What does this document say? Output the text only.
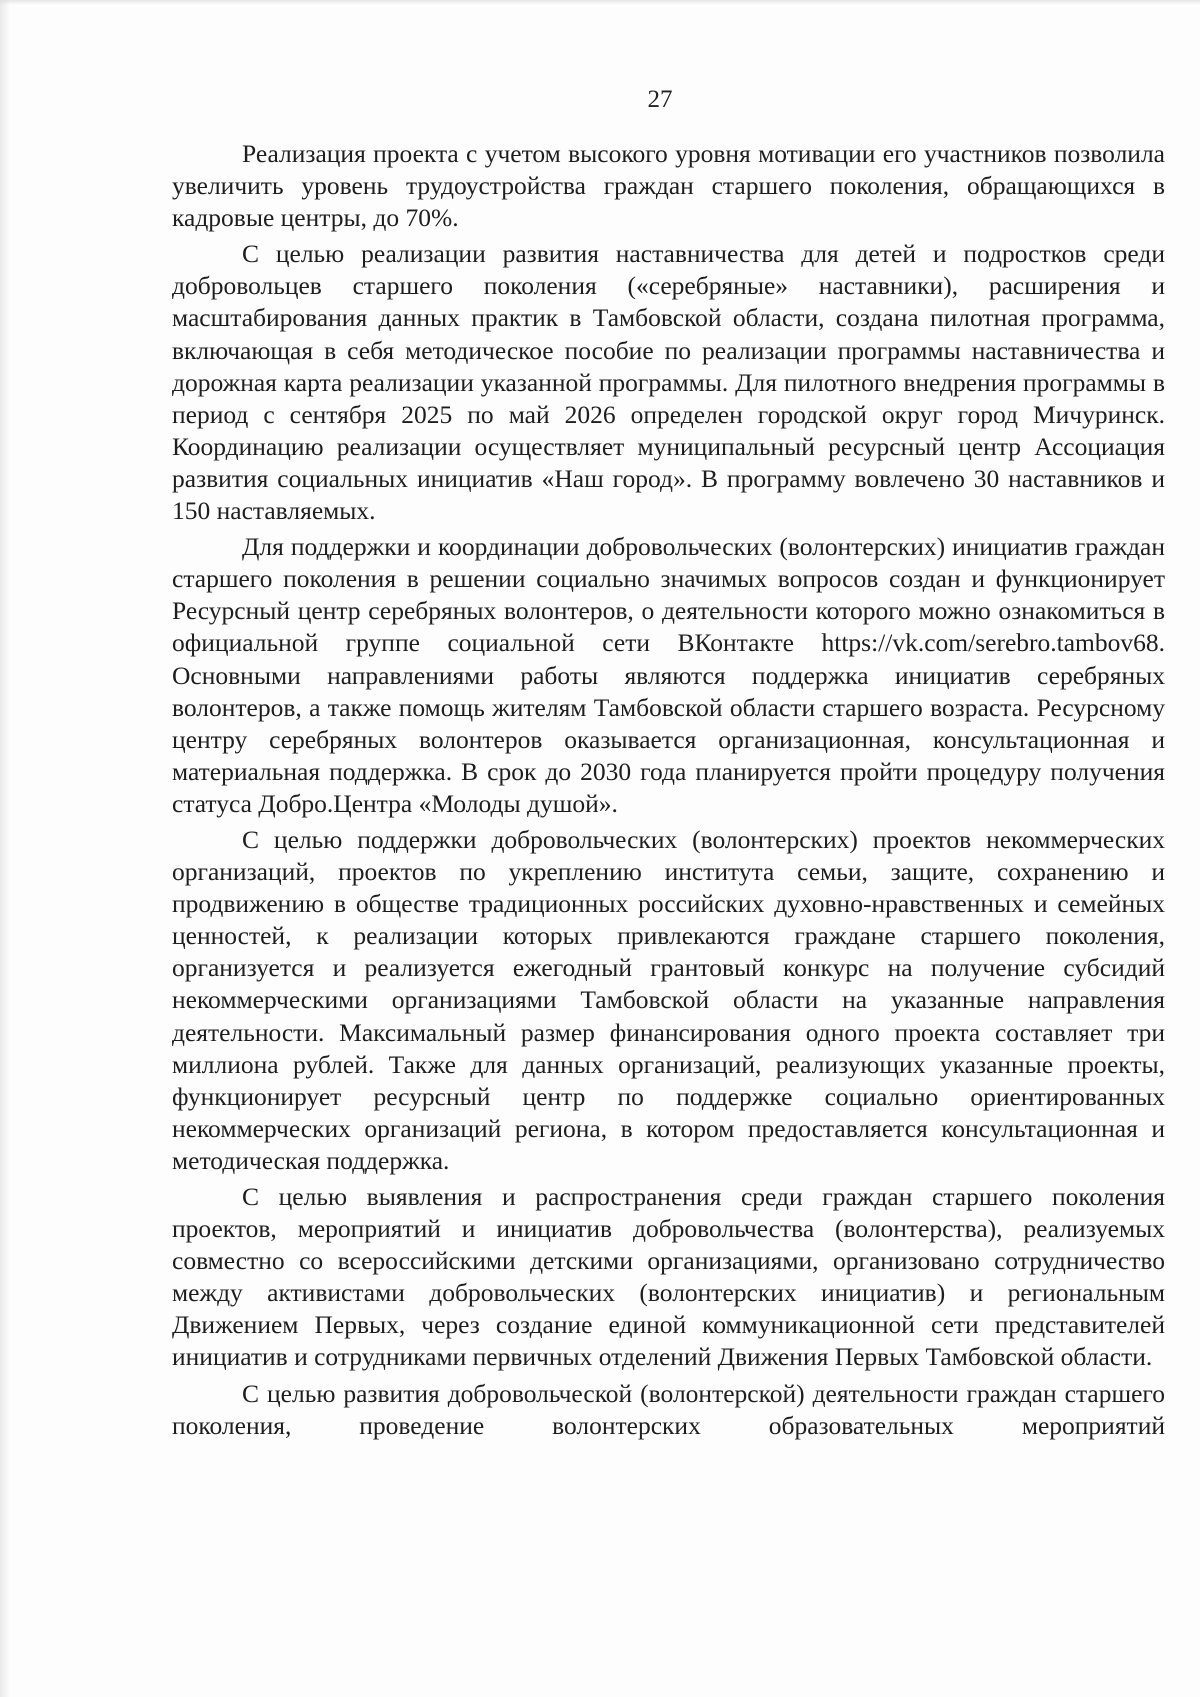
27

Реализация проекта с учетом высокого уровня мотивации его участников позволила увеличить уровень трудоустройства граждан старшего поколения, обращающихся в кадровые центры, до 70%.

С целью реализации развития наставничества для детей и подростков среди добровольцев старшего поколения («серебряные» наставники), расширения и масштабирования данных практик в Тамбовской области, создана пилотная программа, включающая в себя методическое пособие по реализации программы наставничества и дорожная карта реализации указанной программы. Для пилотного внедрения программы в период с сентября 2025 по май 2026 определен городской округ город Мичуринск. Координацию реализации осуществляет муниципальный ресурсный центр Ассоциация развития социальных инициатив «Наш город». В программу вовлечено 30 наставников и 150 наставляемых.

Для поддержки и координации добровольческих (волонтерских) инициатив граждан старшего поколения в решении социально значимых вопросов создан и функционирует Ресурсный центр серебряных волонтеров, о деятельности которого можно ознакомиться в официальной группе социальной сети ВКонтакте https://vk.com/serebro.tambov68. Основными направлениями работы являются поддержка инициатив серебряных волонтеров, а также помощь жителям Тамбовской области старшего возраста. Ресурсному центру серебряных волонтеров оказывается организационная, консультационная и материальная поддержка. В срок до 2030 года планируется пройти процедуру получения статуса Добро.Центра «Молоды душой».

С целью поддержки добровольческих (волонтерских) проектов некоммерческих организаций, проектов по укреплению института семьи, защите, сохранению и продвижению в обществе традиционных российских духовно-нравственных и семейных ценностей, к реализации которых привлекаются граждане старшего поколения, организуется и реализуется ежегодный грантовый конкурс на получение субсидий некоммерческими организациями Тамбовской области на указанные направления деятельности. Максимальный размер финансирования одного проекта составляет три миллиона рублей. Также для данных организаций, реализующих указанные проекты, функционирует ресурсный центр по поддержке социально ориентированных некоммерческих организаций региона, в котором предоставляется консультационная и методическая поддержка.

С целью выявления и распространения среди граждан старшего поколения проектов, мероприятий и инициатив добровольчества (волонтерства), реализуемых совместно со всероссийскими детскими организациями, организовано сотрудничество между активистами добровольческих (волонтерских инициатив) и региональным Движением Первых, через создание единой коммуникационной сети представителей инициатив и сотрудниками первичных отделений Движения Первых Тамбовской области.

С целью развития добровольческой (волонтерской) деятельности граждан старшего поколения, проведение волонтерских образовательных мероприятий
